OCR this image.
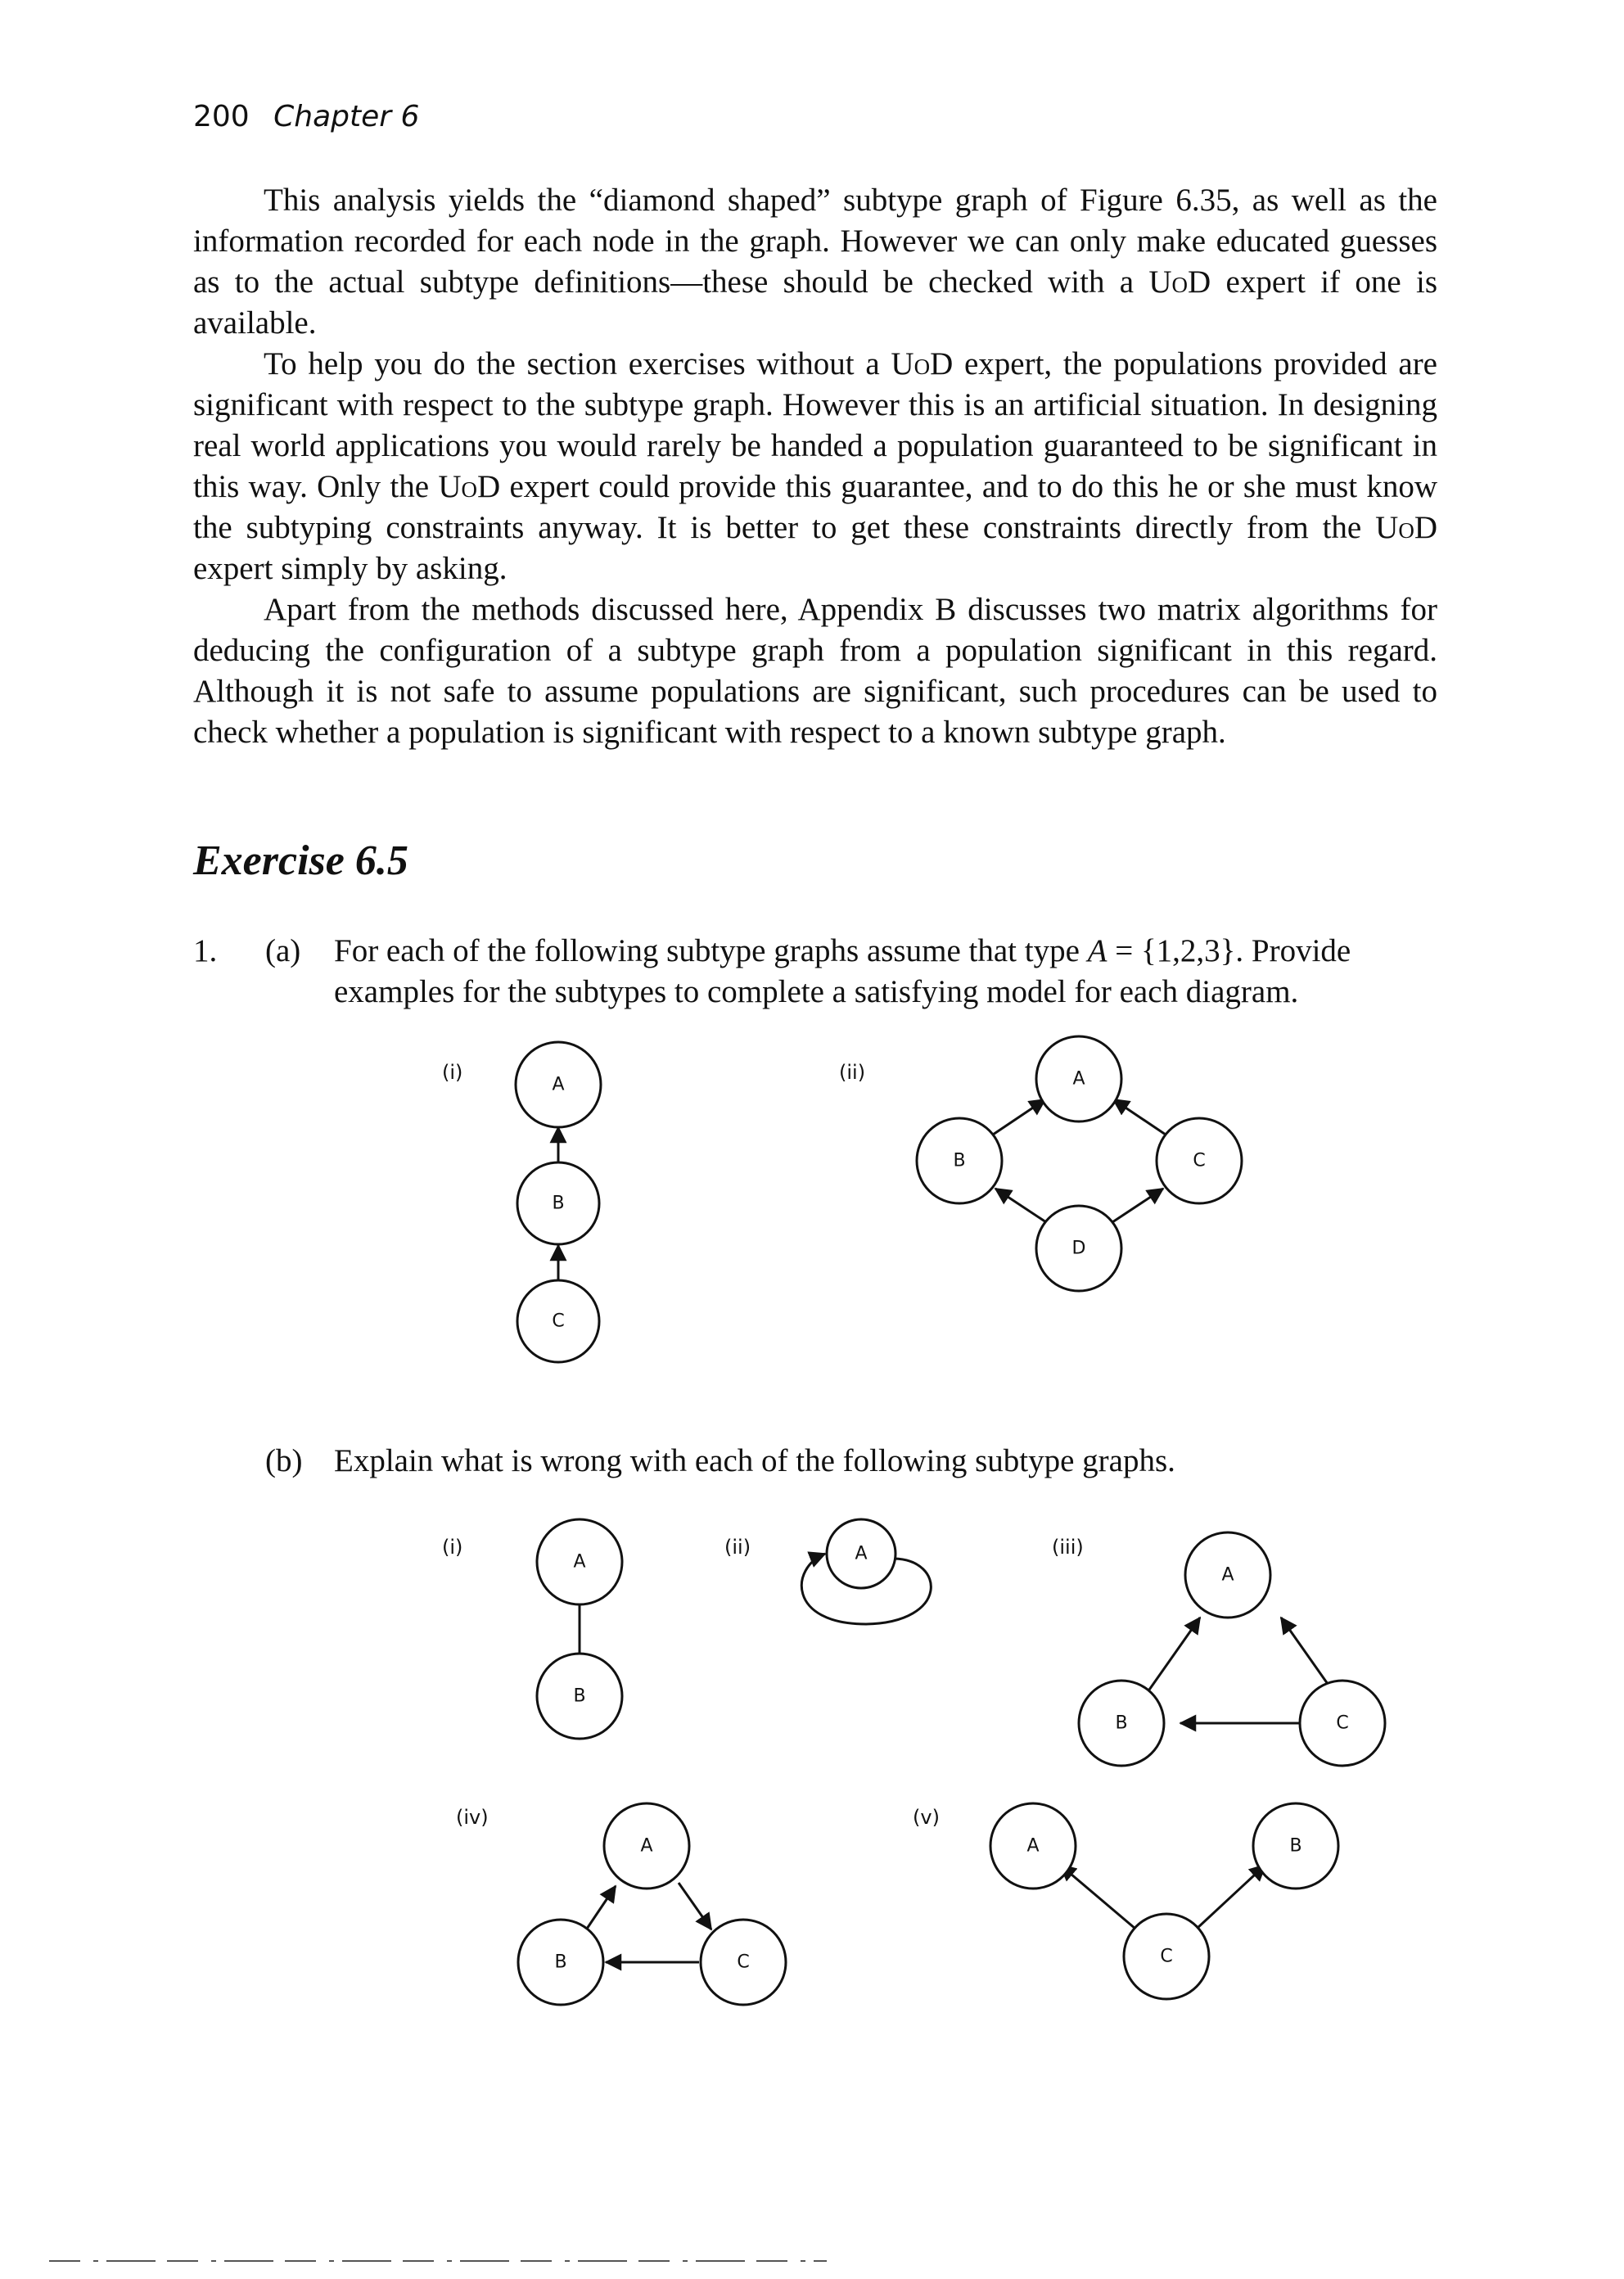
200 Chapter 6

This analysis yields the “diamond shaped” subtype graph of Figure 6.35, as well as the information recorded for each node in the graph. However we can only make educated guesses as to the actual subtype definitions—these should be checked with a UoD expert if one is available.

To help you do the section exercises without a UoD expert, the populations provided are significant with respect to the subtype graph. However this is an artificial situation. In designing real world applications you would rarely be handed a population guaranteed to be significant in this way. Only the UoD expert could provide this guarantee, and to do this he or she must know the subtyping constraints anyway. It is better to get these constraints directly from the UoD expert simply by asking.

Apart from the methods discussed here, Appendix B discusses two matrix algorithms for deducing the configuration of a subtype graph from a population significant in this regard. Although it is not safe to assume populations are significant, such procedures can be used to check whether a population is significant with respect to a known subtype graph.

Exercise 6.5
1. (a) For each of the following subtype graphs assume that type A = {1,2,3}. Provide examples for the subtypes to complete a satisfying model for each diagram.
(b) Explain what is wrong with each of the following subtype graphs.
(i)
A
B
C
(ii)	A
B	C
D
(i)
A
B
(ii)	A	(iii)
A
B	C
(iv)
A
B	C
(v)
A	B
C
